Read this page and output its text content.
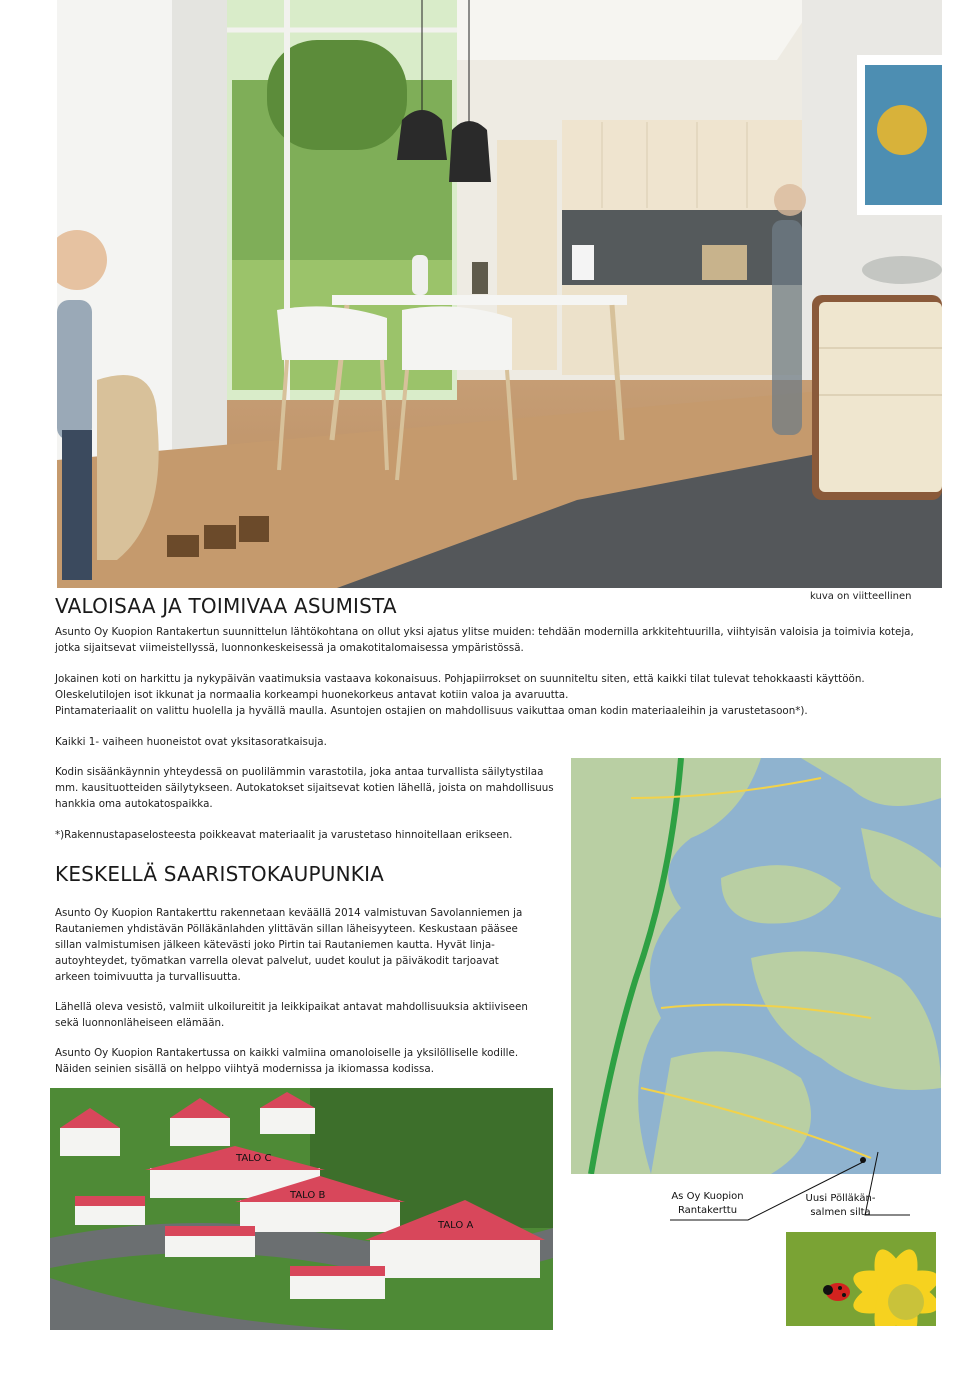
kuva on viitteellinen
VALOISAA JA TOIMIVAA ASUMISTA

Asunto Oy Kuopion Rantakertun suunnittelun lähtökohtana on ollut yksi ajatus ylitse muiden: tehdään modernilla arkkitehtuurilla, viihtyisän valoisia ja toimivia koteja, jotka sijaitsevat viimeistellyssä, luonnonkeskeisessä ja omakotitalomaisessa ympäristössä.

Jokainen koti on harkittu ja nykypäivän vaatimuksia vastaava kokonaisuus. Pohjapiirrokset on suunniteltu siten, että kaikki tilat tulevat tehokkaasti käyttöön. Oleskelutilojen isot ikkunat ja normaalia korkeampi huonekorkeus antavat kotiin valoa ja avaruutta.

Pintamateriaalit on valittu huolella ja hyvällä maulla. Asuntojen ostajien on mahdollisuus vaikuttaa oman kodin materiaaleihin ja varustetasoon*).

Kaikki 1- vaiheen huoneistot ovat yksitasoratkaisuja.

Kodin sisäänkäynnin yhteydessä on puolilämmin varastotila, joka antaa turvallista säilytystilaa mm. kausituotteiden säilytykseen. Autokatokset sijaitsevat kotien lähellä, joista on mahdollisuus hankkia oma autokatospaikka.

*)Rakennustapaselosteesta poikkeavat materiaalit ja varustetaso hinnoitellaan erikseen.

KESKELLÄ SAARISTOKAUPUNKIA

Asunto Oy Kuopion Rantakerttu rakennetaan keväällä 2014 valmistuvan Savolanniemen ja Rautaniemen yhdistävän Pölläkänlahden ylittävän sillan läheisyyteen. Keskustaan pääsee sillan valmistumisen jälkeen kätevästi joko Pirtin tai Rautaniemen kautta. Hyvät linja-autoyhteydet, työmatkan varrella olevat palvelut, uudet koulut ja päiväkodit tarjoavat arkeen toimivuutta ja turvallisuutta.

Lähellä oleva vesistö, valmiit ulkoilureitit ja leikkipaikat antavat mahdollisuuksia aktiiviseen sekä luonnonläheiseen elämään.

Asunto Oy Kuopion Rantakertussa on kaikki valmiina omanoloiselle ja yksilölliselle kodille. Näiden seinien sisällä on helppo viihtyä modernissa ja ikiomassa kodissa.

As Oy Kuopion
Rantakerttu
Uusi Pölläkän-
salmen silta
TALO C
TALO B
TALO A
